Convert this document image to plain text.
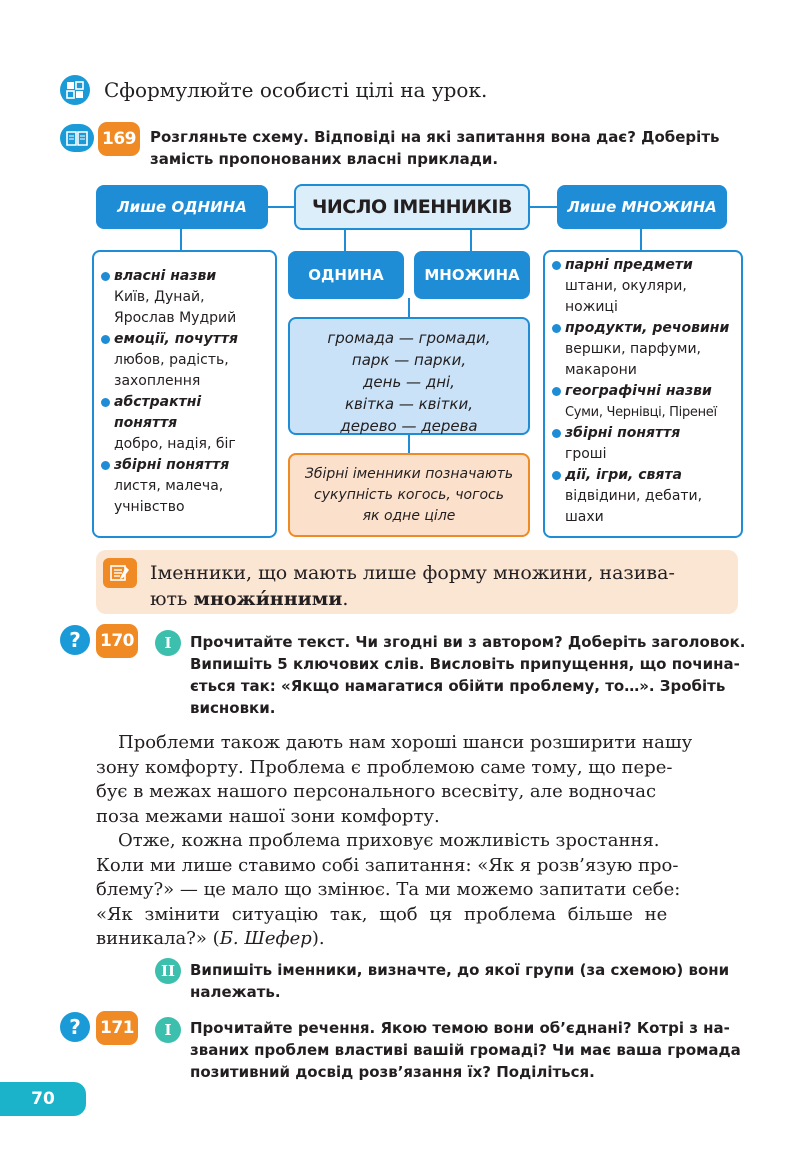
Сформулюйте особисті цілі на урок.
169 Розгляньте схему. Відповіді на які запитання вона дає? Доберіть
замість пропонованих власні приклади.
Лише ОДНИНА	ЧИСЛО ІМЕННИКІВ	Лише МНОЖИНА
власні назви
Київ, Дунай,
Ярослав Мудрий
емоції, почуття
любов, радість,
захоплення
абстрактні
поняття
добро, надія, біг
збірні поняття
листя, малеча,
учнівство
ОДНИНА	МНОЖИНА
громада — громади,
парк — парки,
день — дні,
квітка — квітки,
дерево — дерева
Збірні іменники позначають
сукупність когось, чогось
як одне ціле
парні предмети
штани, окуляри,
ножиці
продукти, речовини
вершки, парфуми,
макарони
географічні назви
Суми, Чернівці, Піренеї
збірні поняття
гроші
дії, ігри, свята
відвідини, дебати,
шахи
Іменники, що мають лише форму множини, назива-
ють множи́нними.
?	170	I	Прочитайте текст. Чи згодні ви з автором? Доберіть заголовок.
Випишіть 5 ключових слів. Висловіть припущення, що почина-
ється так: «Якщо намагатися обійти проблему, то…». Зробіть
висновки.
Проблеми також дають нам хороші шанси розширити нашу
зону комфорту. Проблема є проблемою саме тому, що пере-
бує в межах нашого персонального всесвіту, але водночас
поза межами нашої зони комфорту.
Отже, кожна проблема приховує можливість зростання.
Коли ми лише ставимо собі запитання: «Як я розв’язую про-
блему?» — це мало що змінює. Та ми можемо запитати себе:
«Як змінити ситуацію так, щоб ця проблема більше не
виникала?» (Б. Шефер).
II Випишіть іменники, визначте, до якої групи (за схемою) вони
належать.
?	171	I	Прочитайте речення. Якою темою вони об’єднані? Котрі з на-
званих проблем властиві вашій громаді? Чи має ваша громада
позитивний досвід розв’язання їх? Поділіться.
70
